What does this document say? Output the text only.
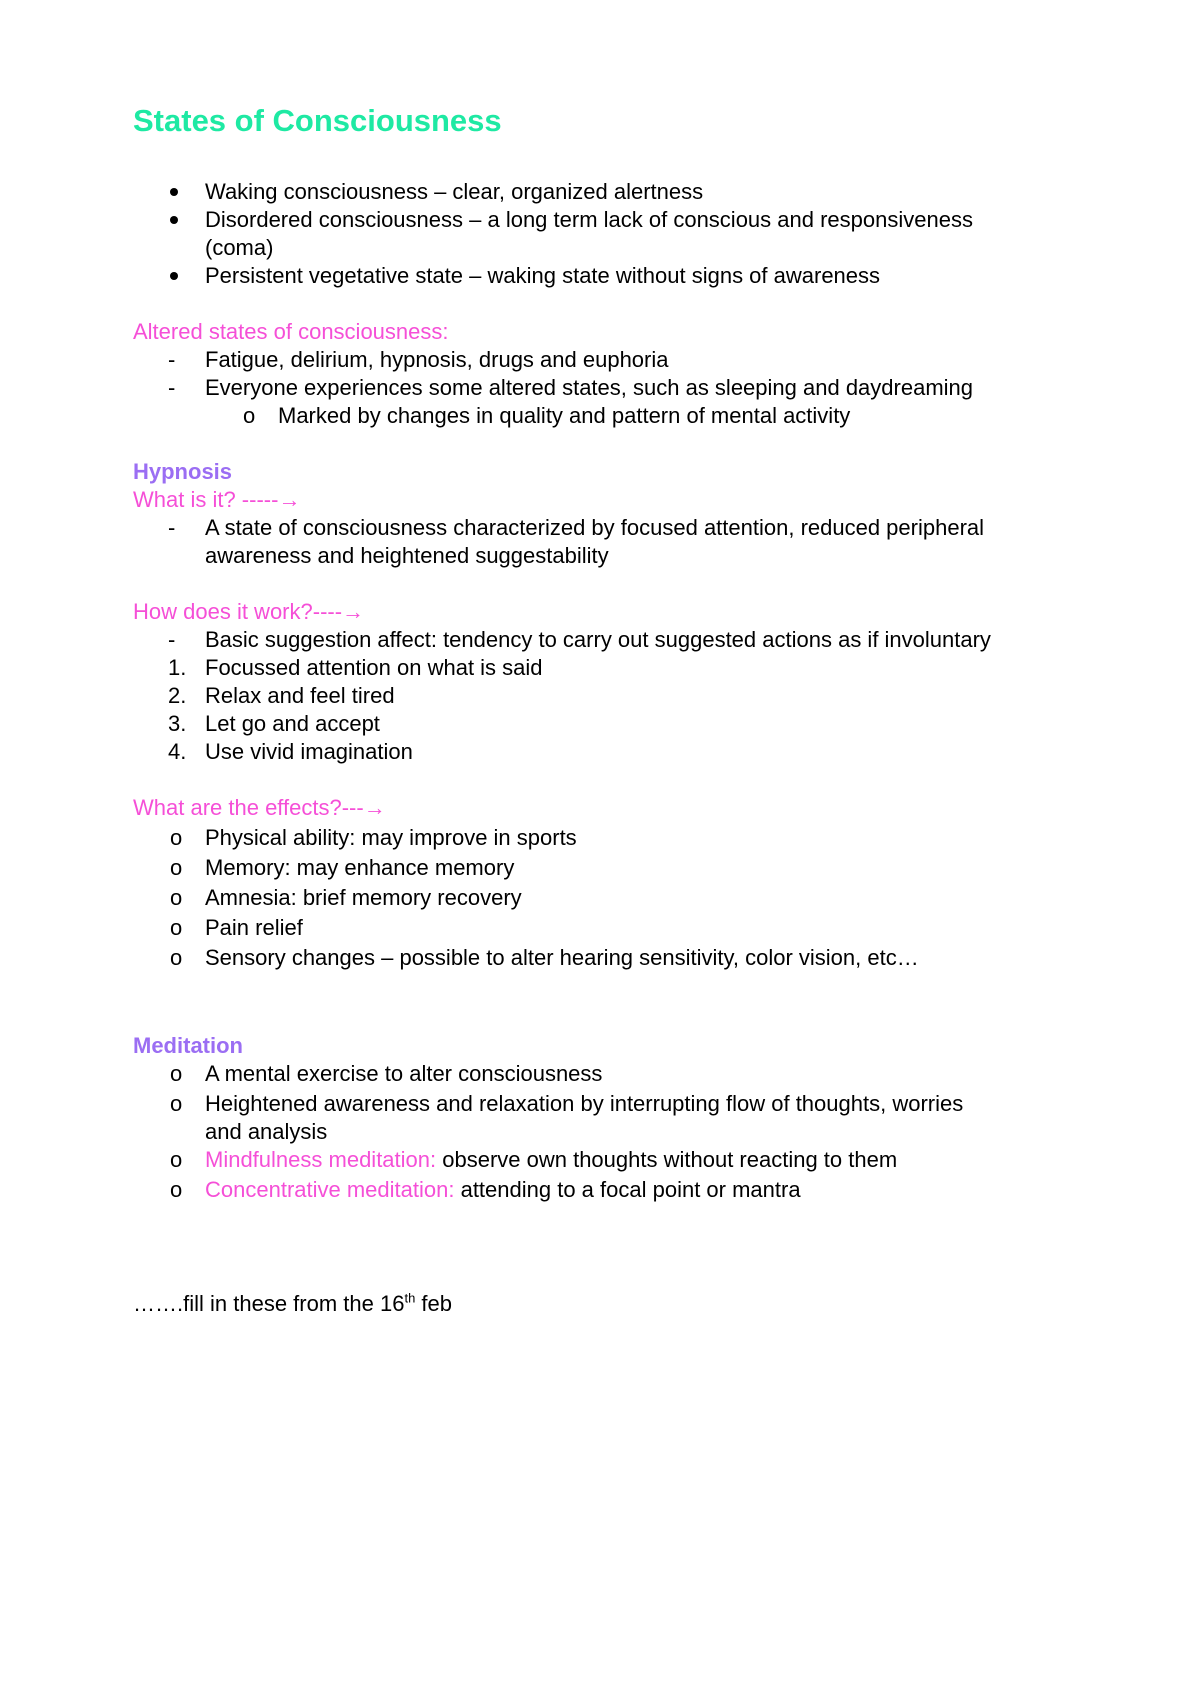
States of Consciousness
Waking consciousness – clear, organized alertness
Disordered consciousness – a long term lack of conscious and responsiveness
(coma)
Persistent vegetative state – waking state without signs of awareness
Altered states of consciousness:
- Fatigue, delirium, hypnosis, drugs and euphoria
- Everyone experiences some altered states, such as sleeping and daydreaming
o Marked by changes in quality and pattern of mental activity
Hypnosis
What is it? -----→
- A state of consciousness characterized by focused attention, reduced peripheral
awareness and heightened suggestability
How does it work?----→
- Basic suggestion affect: tendency to carry out suggested actions as if involuntary
1. Focussed attention on what is said
2. Relax and feel tired
3. Let go and accept
4. Use vivid imagination
What are the effects?---→
o Physical ability: may improve in sports
o Memory: may enhance memory
o Amnesia: brief memory recovery
o Pain relief
o Sensory changes – possible to alter hearing sensitivity, color vision, etc…
Meditation
o A mental exercise to alter consciousness
o Heightened awareness and relaxation by interrupting flow of thoughts, worries
and analysis
o Mindfulness meditation: observe own thoughts without reacting to them
o Concentrative meditation: attending to a focal point or mantra
…….fill in these from the 16th feb
